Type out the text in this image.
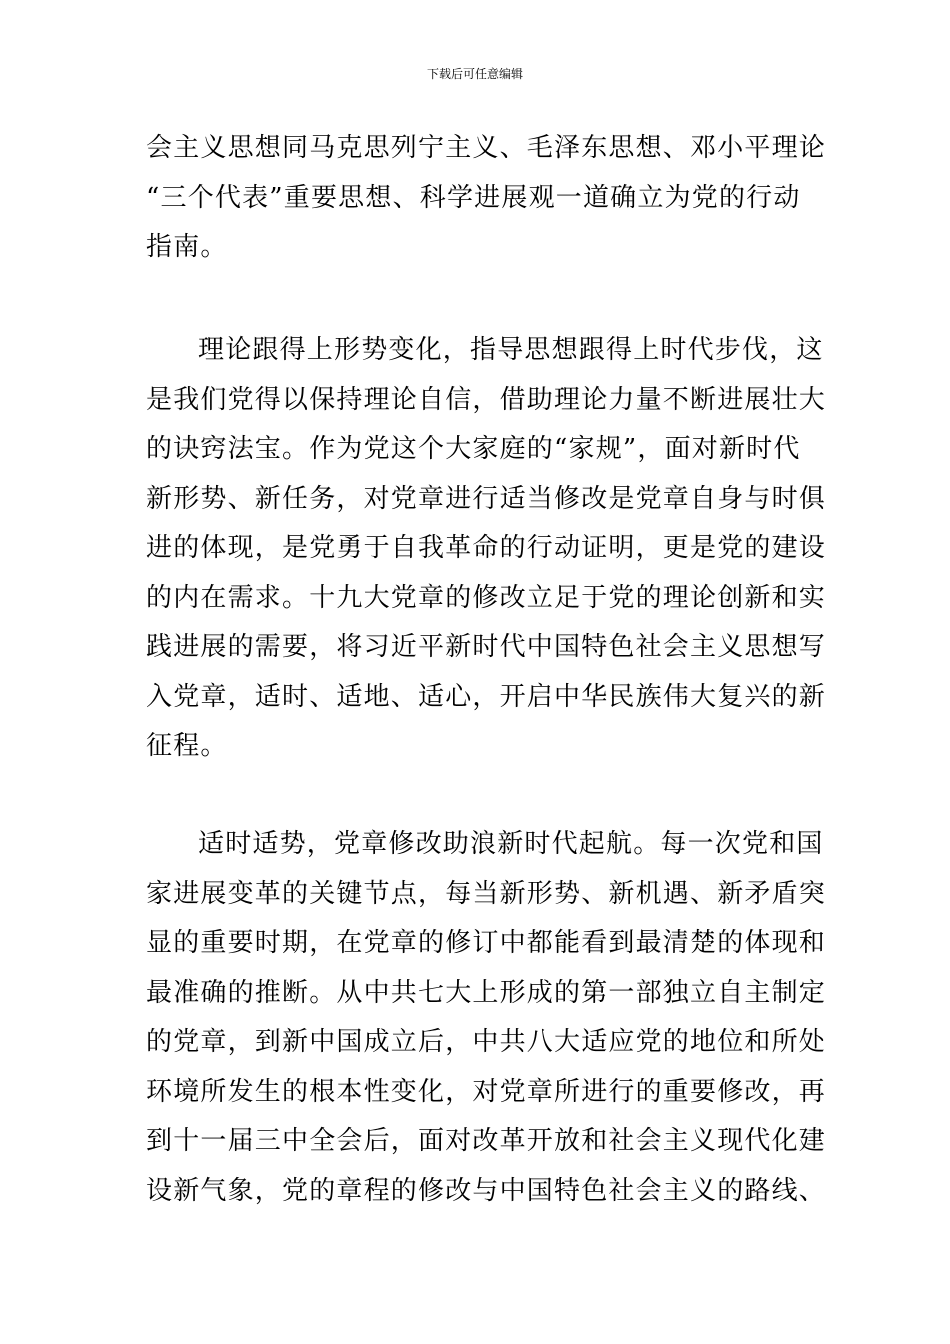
下载后可任意编辑
会主义思想同马克思列宁主义、毛泽东思想、邓小平理论
“三个代表”重要思想、科学进展观一道确立为党的行动
指南。
理论跟得上形势变化，指导思想跟得上时代步伐，这
是我们党得以保持理论自信，借助理论力量不断进展壮大
的诀窍法宝。作为党这个大家庭的“家规”，面对新时代
新形势、新任务，对党章进行适当修改是党章自身与时俱
进的体现，是党勇于自我革命的行动证明，更是党的建设
的内在需求。十九大党章的修改立足于党的理论创新和实
践进展的需要，将习近平新时代中国特色社会主义思想写
入党章，适时、适地、适心，开启中华民族伟大复兴的新
征程。
适时适势，党章修改助浪新时代起航。每一次党和国
家进展变革的关键节点，每当新形势、新机遇、新矛盾突
显的重要时期，在党章的修订中都能看到最清楚的体现和
最准确的推断。从中共七大上形成的第一部独立自主制定
的党章，到新中国成立后，中共八大适应党的地位和所处
环境所发生的根本性变化，对党章所进行的重要修改，再
到十一届三中全会后，面对改革开放和社会主义现代化建
设新气象，党的章程的修改与中国特色社会主义的路线、
